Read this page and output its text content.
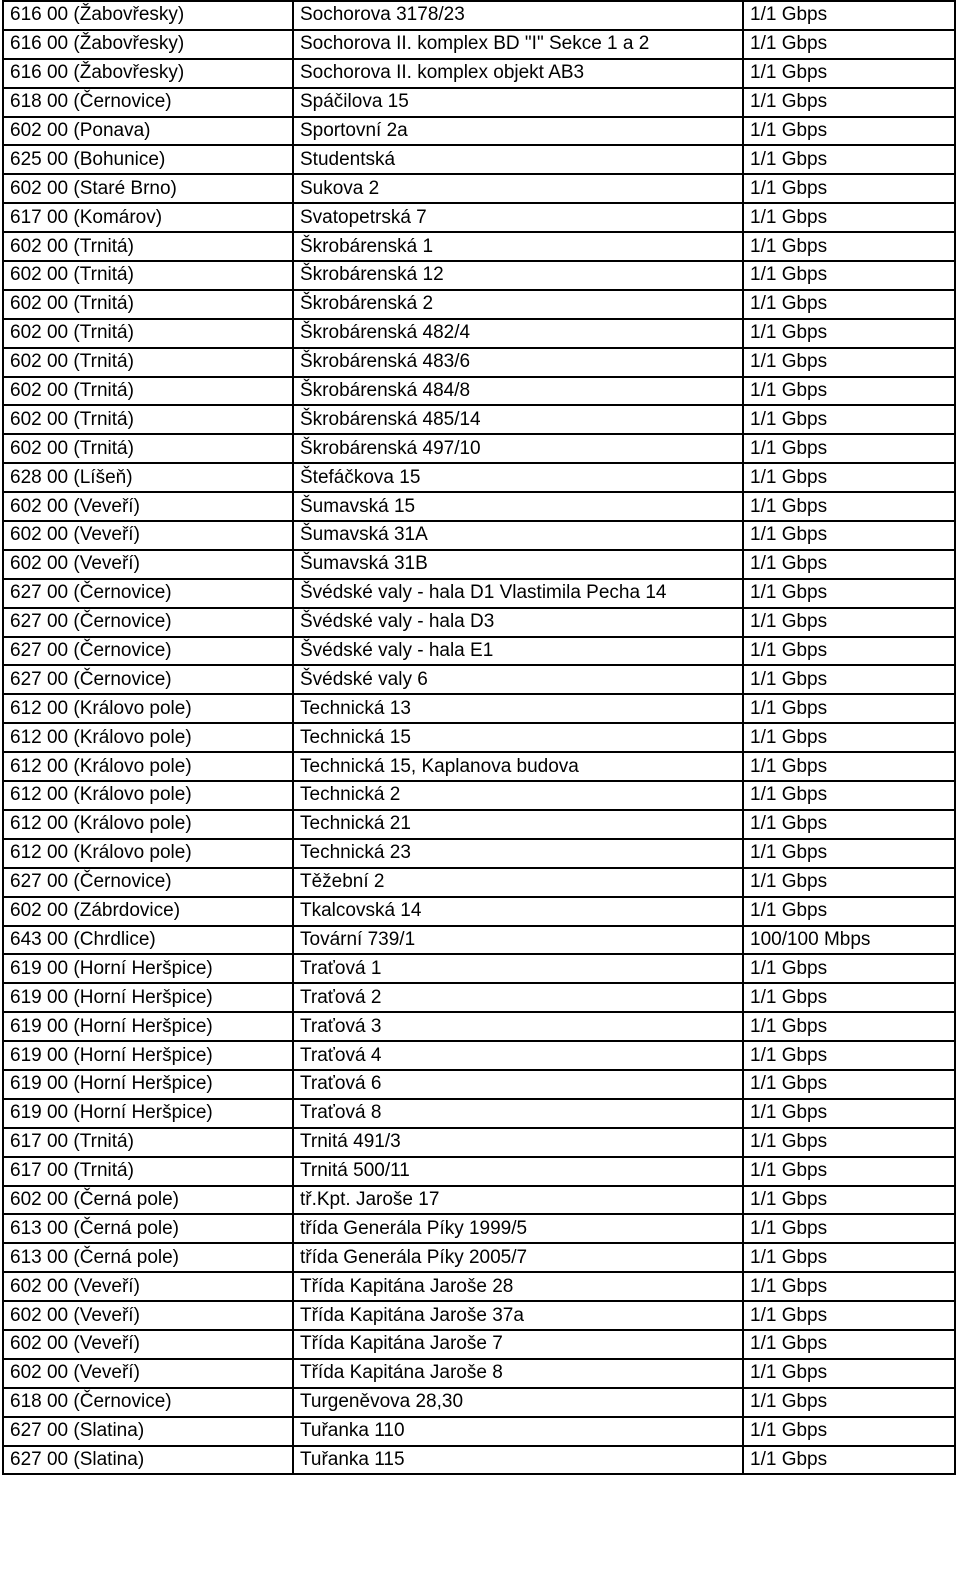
616 00 (Žabovřesky)	Sochorova 3178/23	1/1 Gbps
616 00 (Žabovřesky)	Sochorova II. komplex BD "I" Sekce 1 a 2	1/1 Gbps
616 00 (Žabovřesky)	Sochorova II. komplex objekt AB3	1/1 Gbps
618 00 (Černovice)	Spáčilova 15	1/1 Gbps
602 00 (Ponava)	Sportovní 2a	1/1 Gbps
625 00 (Bohunice)	Studentská	1/1 Gbps
602 00 (Staré Brno)	Sukova 2	1/1 Gbps
617 00 (Komárov)	Svatopetrská 7	1/1 Gbps
602 00 (Trnitá)	Škrobárenská 1	1/1 Gbps
602 00 (Trnitá)	Škrobárenská 12	1/1 Gbps
602 00 (Trnitá)	Škrobárenská 2	1/1 Gbps
602 00 (Trnitá)	Škrobárenská 482/4	1/1 Gbps
602 00 (Trnitá)	Škrobárenská 483/6	1/1 Gbps
602 00 (Trnitá)	Škrobárenská 484/8	1/1 Gbps
602 00 (Trnitá)	Škrobárenská 485/14	1/1 Gbps
602 00 (Trnitá)	Škrobárenská 497/10	1/1 Gbps
628 00 (Líšeň)	Štefáčkova 15	1/1 Gbps
602 00 (Veveří)	Šumavská 15	1/1 Gbps
602 00 (Veveří)	Šumavská 31A	1/1 Gbps
602 00 (Veveří)	Šumavská 31B	1/1 Gbps
627 00 (Černovice)	Švédské valy - hala D1 Vlastimila Pecha 14	1/1 Gbps
627 00 (Černovice)	Švédské valy - hala D3	1/1 Gbps
627 00 (Černovice)	Švédské valy - hala E1	1/1 Gbps
627 00 (Černovice)	Švédské valy 6	1/1 Gbps
612 00 (Královo pole)	Technická 13	1/1 Gbps
612 00 (Královo pole)	Technická 15	1/1 Gbps
612 00 (Královo pole)	Technická 15, Kaplanova budova	1/1 Gbps
612 00 (Královo pole)	Technická 2	1/1 Gbps
612 00 (Královo pole)	Technická 21	1/1 Gbps
612 00 (Královo pole)	Technická 23	1/1 Gbps
627 00 (Černovice)	Těžební 2	1/1 Gbps
602 00 (Zábrdovice)	Tkalcovská 14	1/1 Gbps
643 00 (Chrdlice)	Tovární 739/1	100/100 Mbps
619 00 (Horní Heršpice)	Traťová 1	1/1 Gbps
619 00 (Horní Heršpice)	Traťová 2	1/1 Gbps
619 00 (Horní Heršpice)	Traťová 3	1/1 Gbps
619 00 (Horní Heršpice)	Traťová 4	1/1 Gbps
619 00 (Horní Heršpice)	Traťová 6	1/1 Gbps
619 00 (Horní Heršpice)	Traťová 8	1/1 Gbps
617 00 (Trnitá)	Trnitá 491/3	1/1 Gbps
617 00 (Trnitá)	Trnitá 500/11	1/1 Gbps
602 00 (Černá pole)	tř.Kpt. Jaroše 17	1/1 Gbps
613 00 (Černá pole)	třída Generála Píky 1999/5	1/1 Gbps
613 00 (Černá pole)	třída Generála Píky 2005/7	1/1 Gbps
602 00 (Veveří)	Třída Kapitána Jaroše 28	1/1 Gbps
602 00 (Veveří)	Třída Kapitána Jaroše 37a	1/1 Gbps
602 00 (Veveří)	Třída Kapitána Jaroše 7	1/1 Gbps
602 00 (Veveří)	Třída Kapitána Jaroše 8	1/1 Gbps
618 00 (Černovice)	Turgeněvova 28,30	1/1 Gbps
627 00 (Slatina)	Tuřanka 110	1/1 Gbps
627 00 (Slatina)	Tuřanka 115	1/1 Gbps
